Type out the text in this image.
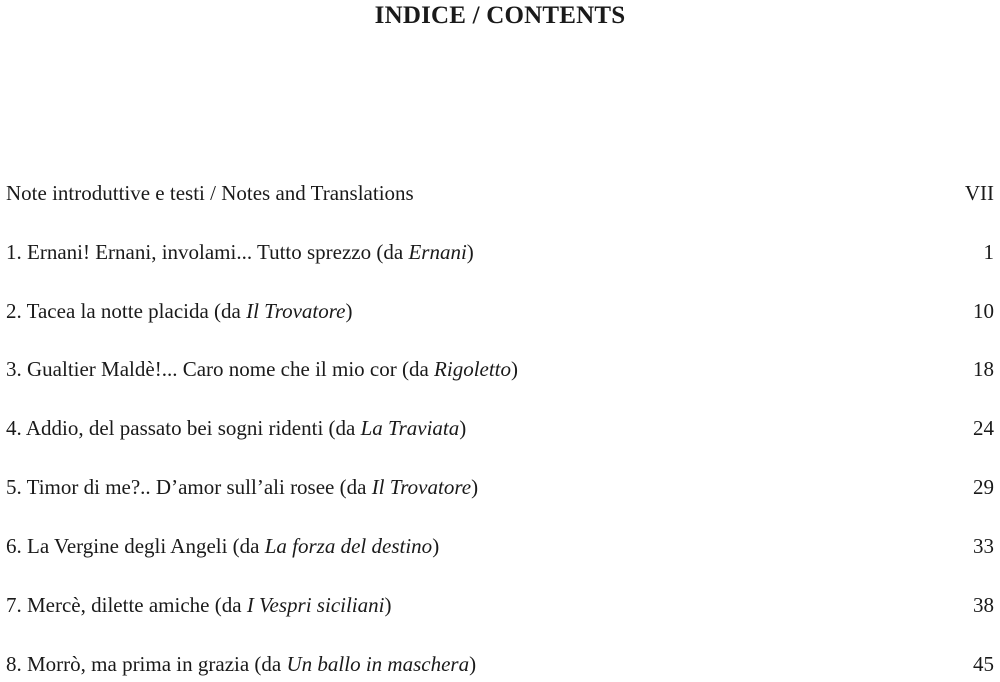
INDICE / CONTENTS
Note introduttive e testi / Notes and Translations	VII
1. Ernani! Ernani, involami... Tutto sprezzo (da Ernani)	1
2. Tacea la notte placida (da Il Trovatore)	10
3. Gualtier Maldè!... Caro nome che il mio cor (da Rigoletto)	18
4. Addio, del passato bei sogni ridenti (da La Traviata)	24
5. Timor di me?.. D’amor sull’ali rosee (da Il Trovatore)	29
6. La Vergine degli Angeli (da La forza del destino)	33
7. Mercè, dilette amiche (da I Vespri siciliani)	38
8. Morrò, ma prima in grazia (da Un ballo in maschera)	45
